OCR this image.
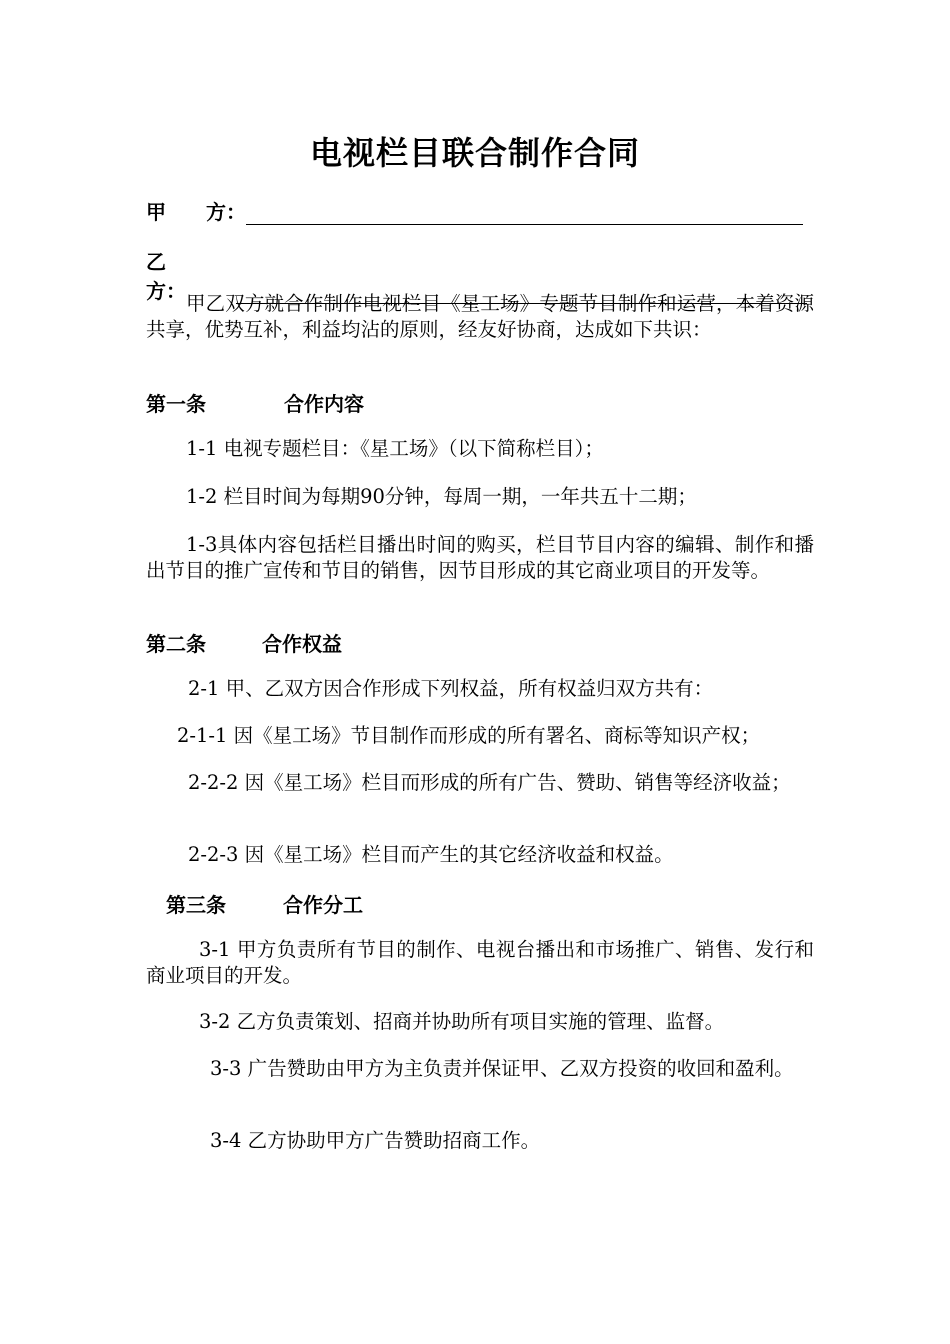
电视栏目联合制作合同
甲　　方：
乙　　方：

甲乙双方就合作制作电视栏目《星工场》专题节目制作和运营，本着资源共享，优势互补，利益均沾的原则，经友好协商，达成如下共识：

第一条	合作内容

1-1 电视专题栏目：《星工场》（以下简称栏目）；

1-2 栏目时间为每期90分钟，每周一期，一年共五十二期；

1-3具体内容包括栏目播出时间的购买，栏目节目内容的编辑、制作和播出节目的推广宣传和节目的销售，因节目形成的其它商业项目的开发等。

第二条	合作权益

2-1 甲、乙双方因合作形成下列权益，所有权益归双方共有：

2-1-1 因《星工场》节目制作而形成的所有署名、商标等知识产权；

2-2-2 因《星工场》栏目而形成的所有广告、赞助、销售等经济收益；

2-2-3 因《星工场》栏目而产生的其它经济收益和权益。

第三条	合作分工

3-1 甲方负责所有节目的制作、电视台播出和市场推广、销售、发行和商业项目的开发。

3-2 乙方负责策划、招商并协助所有项目实施的管理、监督。

3-3 广告赞助由甲方为主负责并保证甲、乙双方投资的收回和盈利。

3-4 乙方协助甲方广告赞助招商工作。
